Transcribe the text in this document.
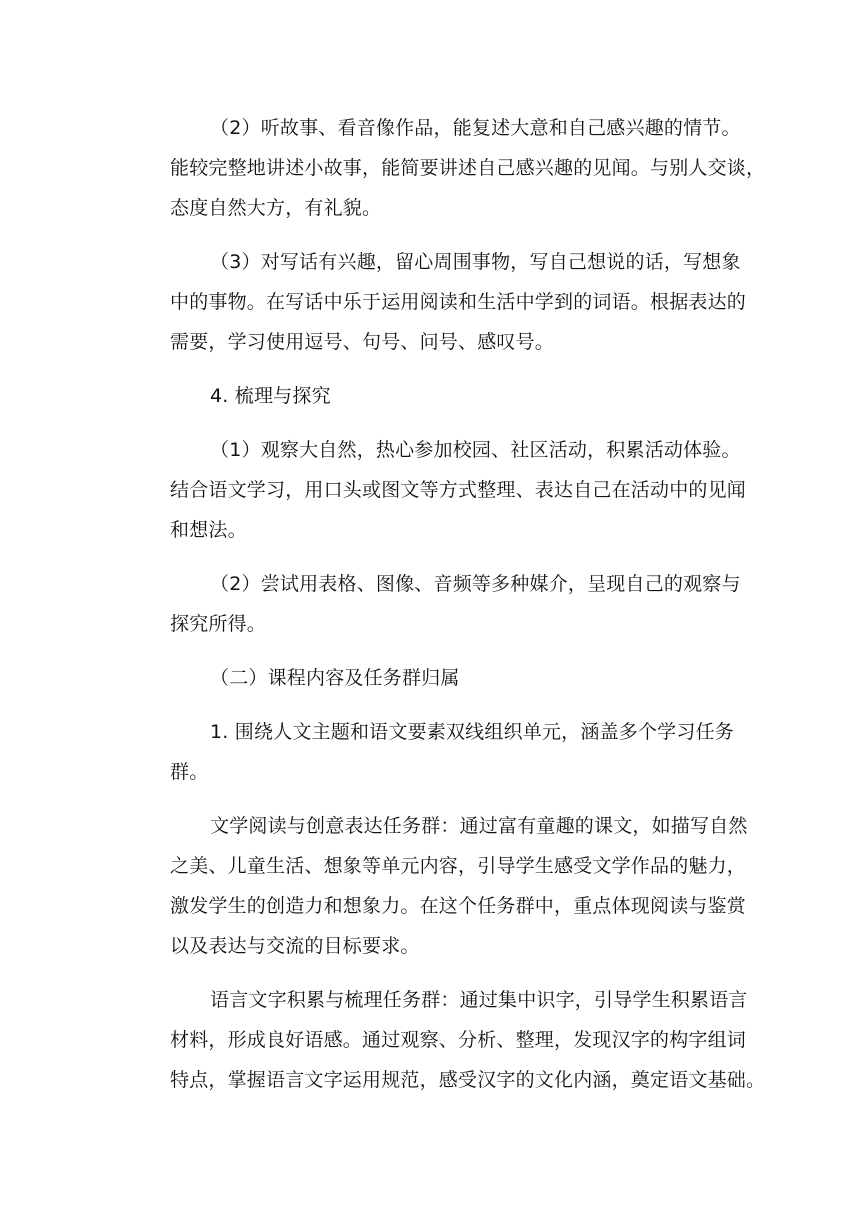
（2）听故事、看音像作品，能复述大意和自己感兴趣的情节。
能较完整地讲述小故事，能简要讲述自己感兴趣的见闻。与别人交谈，
态度自然大方，有礼貌。
（3）对写话有兴趣，留心周围事物，写自己想说的话，写想象
中的事物。在写话中乐于运用阅读和生活中学到的词语。根据表达的
需要，学习使用逗号、句号、问号、感叹号。
4. 梳理与探究
（1）观察大自然，热心参加校园、社区活动，积累活动体验。
结合语文学习，用口头或图文等方式整理、表达自己在活动中的见闻
和想法。
（2）尝试用表格、图像、音频等多种媒介，呈现自己的观察与
探究所得。
（二）课程内容及任务群归属
1. 围绕人文主题和语文要素双线组织单元，涵盖多个学习任务
群。
文学阅读与创意表达任务群：通过富有童趣的课文，如描写自然
之美、儿童生活、想象等单元内容，引导学生感受文学作品的魅力，
激发学生的创造力和想象力。在这个任务群中，重点体现阅读与鉴赏
以及表达与交流的目标要求。
语言文字积累与梳理任务群：通过集中识字，引导学生积累语言
材料，形成良好语感。通过观察、分析、整理，发现汉字的构字组词
特点，掌握语言文字运用规范，感受汉字的文化内涵，奠定语文基础。
